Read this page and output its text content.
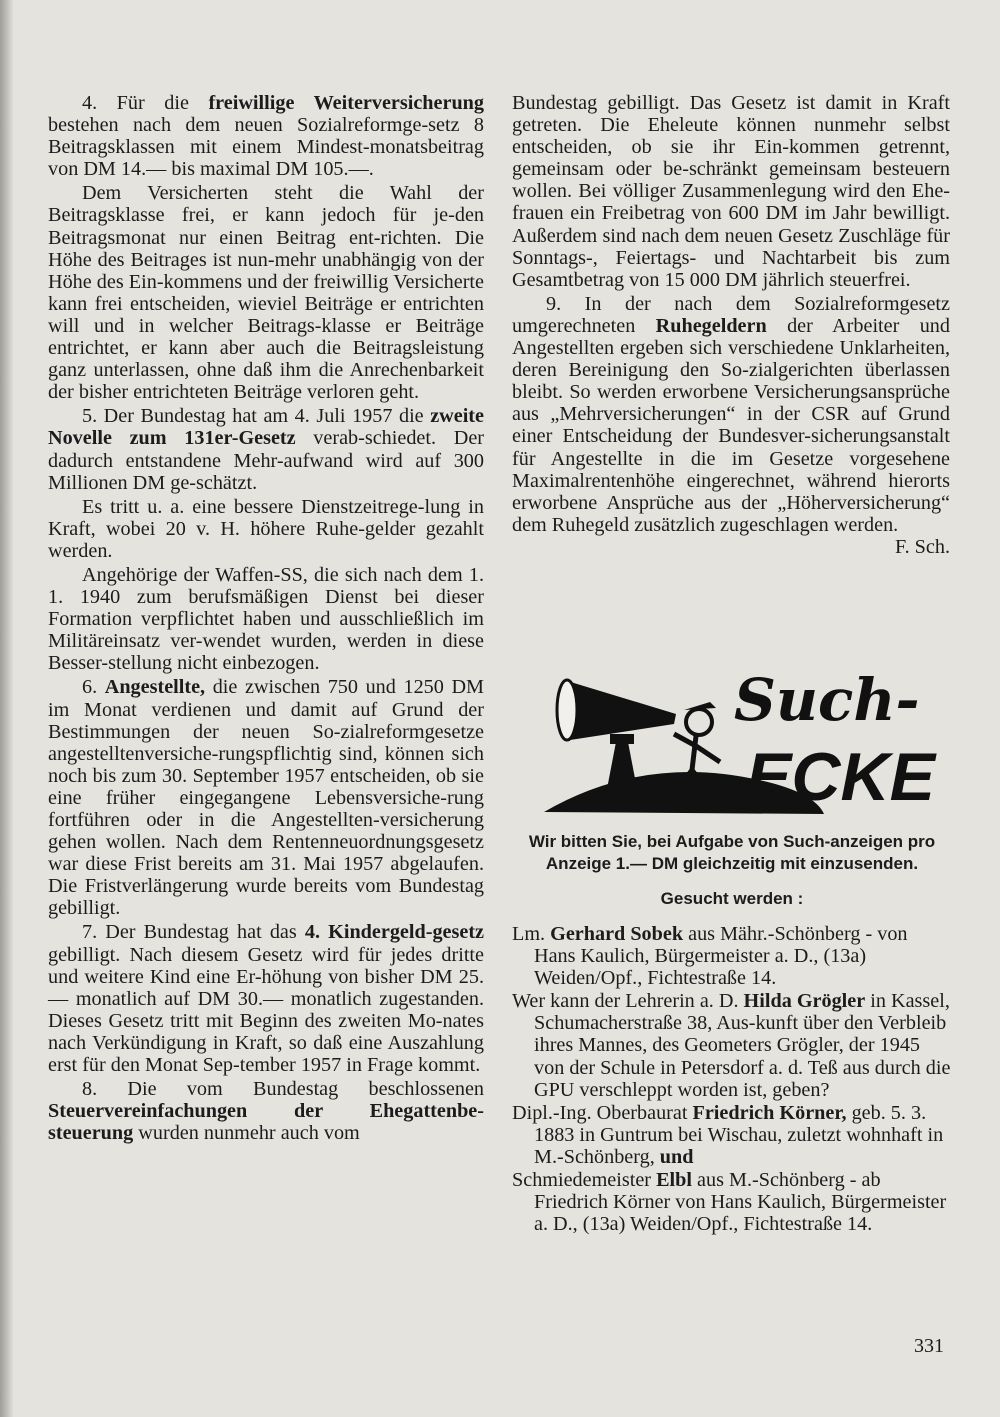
4. Für die freiwillige Weiterversicherung bestehen nach dem neuen Sozialreformge-setz 8 Beitragsklassen mit einem Mindest-monatsbeitrag von DM 14.— bis maximal DM 105.—.

Dem Versicherten steht die Wahl der Beitragsklasse frei, er kann jedoch für je-den Beitragsmonat nur einen Beitrag ent-richten. Die Höhe des Beitrages ist nun-mehr unabhängig von der Höhe des Ein-kommens und der freiwillig Versicherte kann frei entscheiden, wieviel Beiträge er entrichten will und in welcher Beitrags-klasse er Beiträge entrichtet, er kann aber auch die Beitragsleistung ganz unterlassen, ohne daß ihm die Anrechenbarkeit der bisher entrichteten Beiträge verloren geht.

5. Der Bundestag hat am 4. Juli 1957 die zweite Novelle zum 131er-Gesetz verab-schiedet. Der dadurch entstandene Mehr-aufwand wird auf 300 Millionen DM ge-schätzt.

Es tritt u. a. eine bessere Dienstzeitrege-lung in Kraft, wobei 20 v. H. höhere Ruhe-gelder gezahlt werden.

Angehörige der Waffen-SS, die sich nach dem 1. 1. 1940 zum berufsmäßigen Dienst bei dieser Formation verpflichtet haben und ausschließlich im Militäreinsatz ver-wendet wurden, werden in diese Besser-stellung nicht einbezogen.

6. Angestellte, die zwischen 750 und 1250 DM im Monat verdienen und damit auf Grund der Bestimmungen der neuen So-zialreformgesetze angestelltenversiche-rungspflichtig sind, können sich noch bis zum 30. September 1957 entscheiden, ob sie eine früher eingegangene Lebensversiche-rung fortführen oder in die Angestellten-versicherung gehen wollen. Nach dem Rentenneuordnungsgesetz war diese Frist bereits am 31. Mai 1957 abgelaufen. Die Fristverlängerung wurde bereits vom Bundestag gebilligt.

7. Der Bundestag hat das 4. Kindergeld-gesetz gebilligt. Nach diesem Gesetz wird für jedes dritte und weitere Kind eine Er-höhung von bisher DM 25.— monatlich auf DM 30.— monatlich zugestanden. Dieses Gesetz tritt mit Beginn des zweiten Mo-nates nach Verkündigung in Kraft, so daß eine Auszahlung erst für den Monat Sep-tember 1957 in Frage kommt.

8. Die vom Bundestag beschlossenen Steuervereinfachungen der Ehegattenbe-steuerung wurden nunmehr auch vom

Bundestag gebilligt. Das Gesetz ist damit in Kraft getreten. Die Eheleute können nunmehr selbst entscheiden, ob sie ihr Ein-kommen getrennt, gemeinsam oder be-schränkt gemeinsam besteuern wollen. Bei völliger Zusammenlegung wird den Ehe-frauen ein Freibetrag von 600 DM im Jahr bewilligt. Außerdem sind nach dem neuen Gesetz Zuschläge für Sonntags-, Feiertags- und Nachtarbeit bis zum Gesamtbetrag von 15 000 DM jährlich steuerfrei.

9. In der nach dem Sozialreformgesetz umgerechneten Ruhegeldern der Arbeiter und Angestellten ergeben sich verschiedene Unklarheiten, deren Bereinigung den So-zialgerichten überlassen bleibt. So werden erworbene Versicherungsansprüche aus „Mehrversicherungen“ in der CSR auf Grund einer Entscheidung der Bundesver-sicherungsanstalt für Angestellte in die im Gesetze vorgesehene Maximalrentenhöhe eingerechnet, während hierorts erworbene Ansprüche aus der „Höherversicherung“ dem Ruhegeld zusätzlich zugeschlagen werden.
F. Sch.

Such-
ECKE
Wir bitten Sie, bei Aufgabe von Such-anzeigen pro Anzeige 1.— DM gleichzeitig mit einzusenden.
Gesucht werden :

Lm. Gerhard Sobek aus Mähr.-Schönberg - von Hans Kaulich, Bürgermeister a. D., (13a) Weiden/Opf., Fichtestraße 14.

Wer kann der Lehrerin a. D. Hilda Grögler in Kassel, Schumacherstraße 38, Aus-kunft über den Verbleib ihres Mannes, des Geometers Grögler, der 1945 von der Schule in Petersdorf a. d. Teß aus durch die GPU verschleppt worden ist, geben?

Dipl.-Ing. Oberbaurat Friedrich Körner, geb. 5. 3. 1883 in Guntrum bei Wischau, zuletzt wohnhaft in M.-Schönberg, und

Schmiedemeister Elbl aus M.-Schönberg - ab Friedrich Körner von Hans Kaulich, Bürgermeister a. D., (13a) Weiden/Opf., Fichtestraße 14.

331
